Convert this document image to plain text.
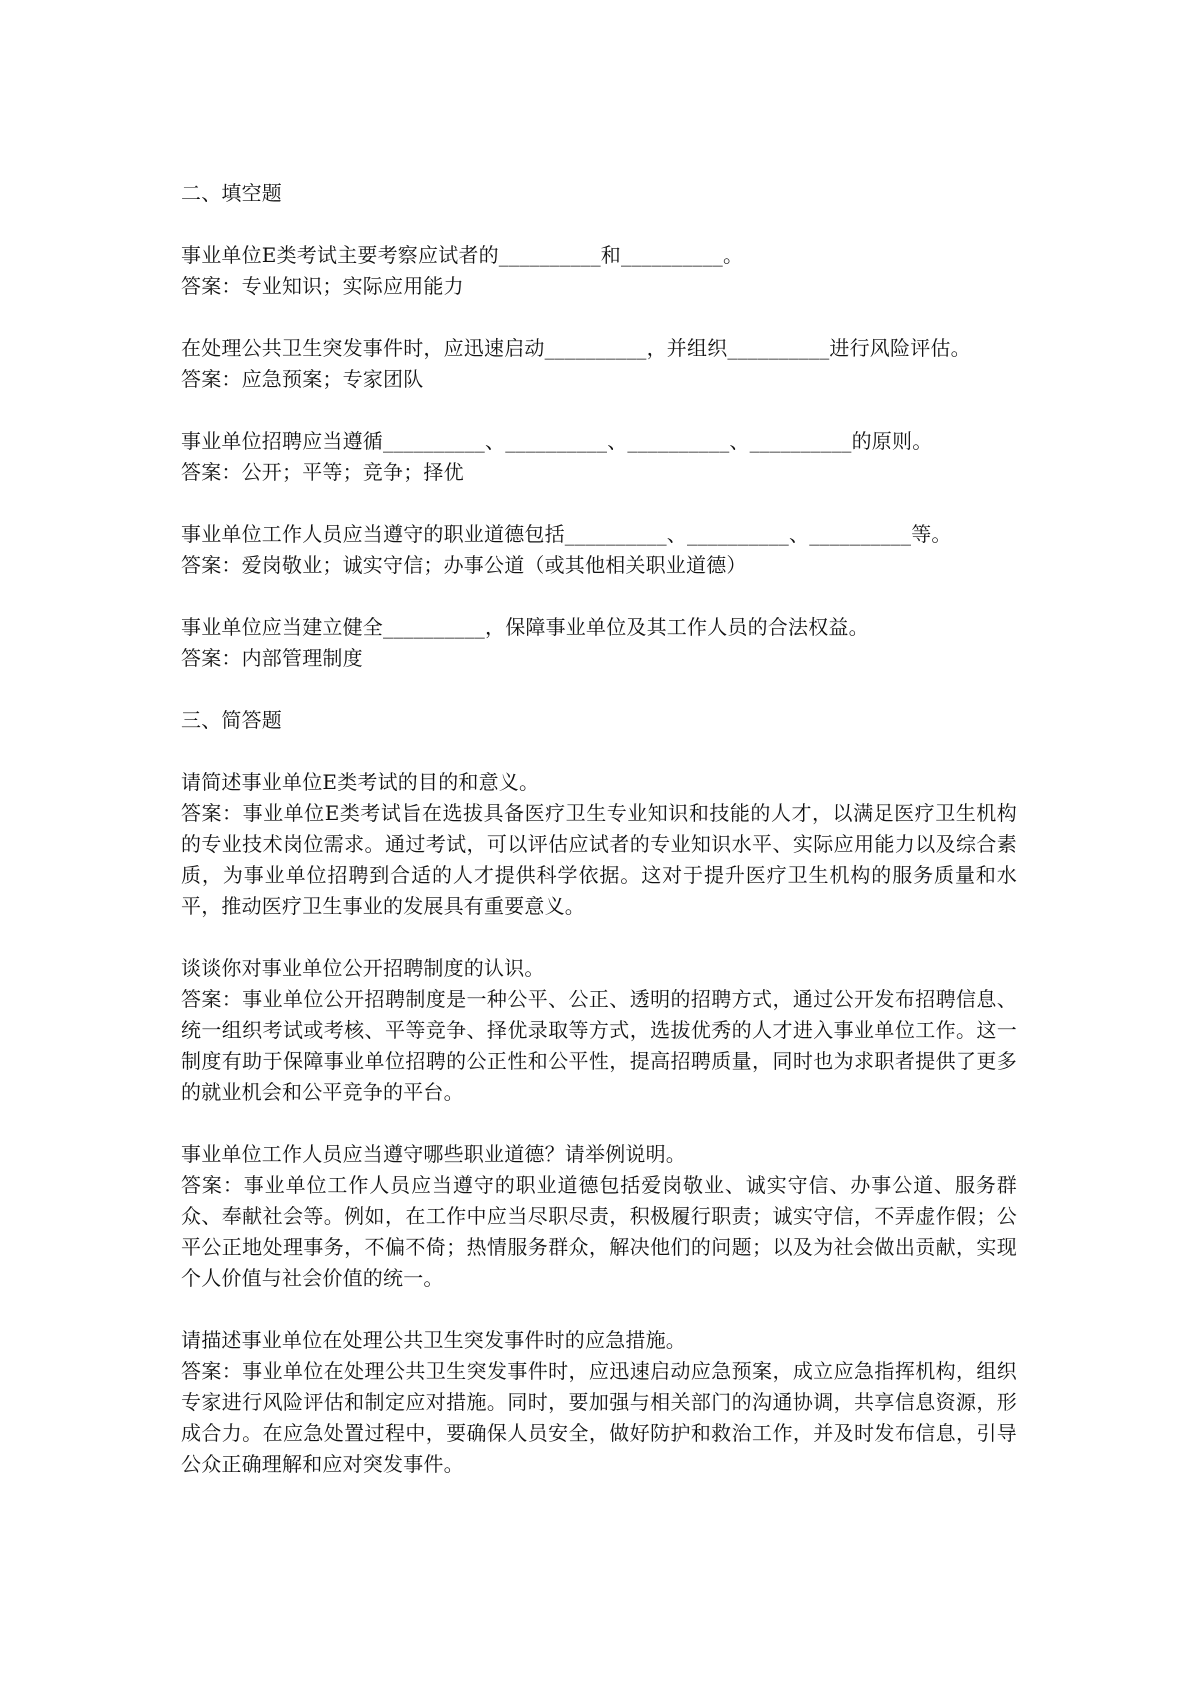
二、填空题

事业单位E类考试主要考察应试者的__________和__________。

答案：专业知识；实际应用能力

在处理公共卫生突发事件时，应迅速启动__________，并组织__________进行风险评估。

答案：应急预案；专家团队

事业单位招聘应当遵循__________、__________、__________、__________的原则。

答案：公开；平等；竞争；择优

事业单位工作人员应当遵守的职业道德包括__________、__________、__________等。

答案：爱岗敬业；诚实守信；办事公道（或其他相关职业道德）

事业单位应当建立健全__________，保障事业单位及其工作人员的合法权益。

答案：内部管理制度

三、简答题

请简述事业单位E类考试的目的和意义。

答案：事业单位E类考试旨在选拔具备医疗卫生专业知识和技能的人才，以满足医疗卫生机构的专业技术岗位需求。通过考试，可以评估应试者的专业知识水平、实际应用能力以及综合素质，为事业单位招聘到合适的人才提供科学依据。这对于提升医疗卫生机构的服务质量和水平，推动医疗卫生事业的发展具有重要意义。

谈谈你对事业单位公开招聘制度的认识。

答案：事业单位公开招聘制度是一种公平、公正、透明的招聘方式，通过公开发布招聘信息、统一组织考试或考核、平等竞争、择优录取等方式，选拔优秀的人才进入事业单位工作。这一制度有助于保障事业单位招聘的公正性和公平性，提高招聘质量，同时也为求职者提供了更多的就业机会和公平竞争的平台。

事业单位工作人员应当遵守哪些职业道德？请举例说明。

答案：事业单位工作人员应当遵守的职业道德包括爱岗敬业、诚实守信、办事公道、服务群众、奉献社会等。例如，在工作中应当尽职尽责，积极履行职责；诚实守信，不弄虚作假；公平公正地处理事务，不偏不倚；热情服务群众，解决他们的问题；以及为社会做出贡献，实现个人价值与社会价值的统一。

请描述事业单位在处理公共卫生突发事件时的应急措施。

答案：事业单位在处理公共卫生突发事件时，应迅速启动应急预案，成立应急指挥机构，组织专家进行风险评估和制定应对措施。同时，要加强与相关部门的沟通协调，共享信息资源，形成合力。在应急处置过程中，要确保人员安全，做好防护和救治工作，并及时发布信息，引导公众正确理解和应对突发事件。
